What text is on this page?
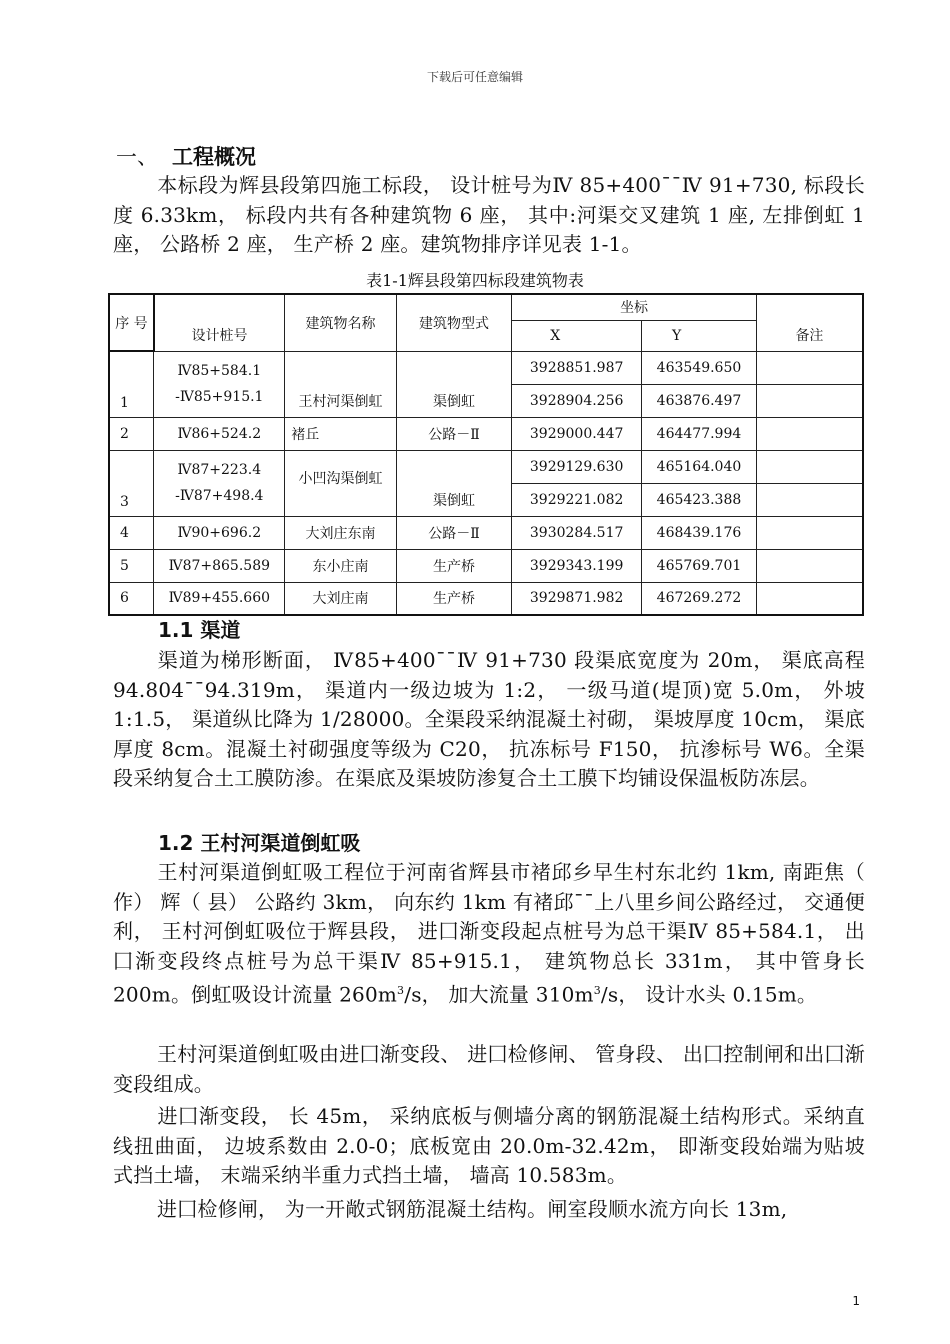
下载后可任意编辑
一、 工程概况
本标段为辉县段第四施工标段， 设计桩号为Ⅳ 85+400¯¯Ⅳ 91+730, 标段长度 6.33km， 标段内共有各种建筑物 6 座， 其中:河渠交叉建筑 1 座, 左排倒虹 1 座， 公路桥 2 座， 生产桥 2 座。建筑物排序详见表 1-1。
表1-1辉县段第四标段建筑物表
序 号	设计桩号	建筑物名称	建筑物型式	坐标		备注
				X	Y	
1	Ⅳ85+584.1
-Ⅳ85+915.1	王村河渠倒虹	渠倒虹	3928851.987	463549.650	
				3928904.256	463876.497	
2	Ⅳ86+524.2	褚丘	公路－Ⅱ	3929000.447	464477.994	
3	Ⅳ87+223.4
-Ⅳ87+498.4	小凹沟渠倒虹	渠倒虹	3929129.630	465164.040	
				3929221.082	465423.388	
4	Ⅳ90+696.2	大刘庄东南	公路－Ⅱ	3930284.517	468439.176	
5	Ⅳ87+865.589	东小庄南	生产桥	3929343.199	465769.701	
6	Ⅳ89+455.660	大刘庄南	生产桥	3929871.982	467269.272	
1.1 渠道
渠道为梯形断面， Ⅳ85+400¯¯Ⅳ 91+730 段渠底宽度为 20m， 渠底高程 94.804¯¯94.319m， 渠道内一级边坡为 1:2， 一级马道(堤顶)宽 5.0m， 外坡 1:1.5， 渠道纵比降为 1/28000。全渠段采纳混凝土衬砌， 渠坡厚度 10cm， 渠底厚度 8cm。混凝土衬砌强度等级为 C20， 抗冻标号 F150， 抗渗标号 W6。全渠段采纳复合土工膜防渗。在渠底及渠坡防渗复合土工膜下均铺设保温板防冻层。
1.2 王村河渠道倒虹吸
王村河渠道倒虹吸工程位于河南省辉县市褚邱乡早生村东北约 1km, 南距焦（ 作） 辉（ 县） 公路约 3km， 向东约 1km 有褚邱¯¯上八里乡间公路经过， 交通便利， 王村河倒虹吸位于辉县段， 进囗渐变段起点桩号为总干渠Ⅳ 85+584.1， 出囗渐变段终点桩号为总干渠Ⅳ 85+915.1， 建筑物总长 331m， 其中管身长 200m。倒虹吸设计流量 $260m^3/s$， 加大流量 $310m^3/s$， 设计水头 0.15m。
王村河渠道倒虹吸由进囗渐变段、 进囗检修闸、 管身段、 出囗控制闸和出囗渐变段组成。
进囗渐变段， 长 45m， 采纳底板与侧墙分离的钢筋混凝土结构形式。采纳直线扭曲面， 边坡系数由 2.0-0；底板宽由 20.0m-32.42m， 即渐变段始端为贴坡式挡土墙， 末端采纳半重力式挡土墙， 墙高 10.583m。
进囗检修闸， 为一开敞式钢筋混凝土结构。闸室段顺水流方向长 13m,
1
